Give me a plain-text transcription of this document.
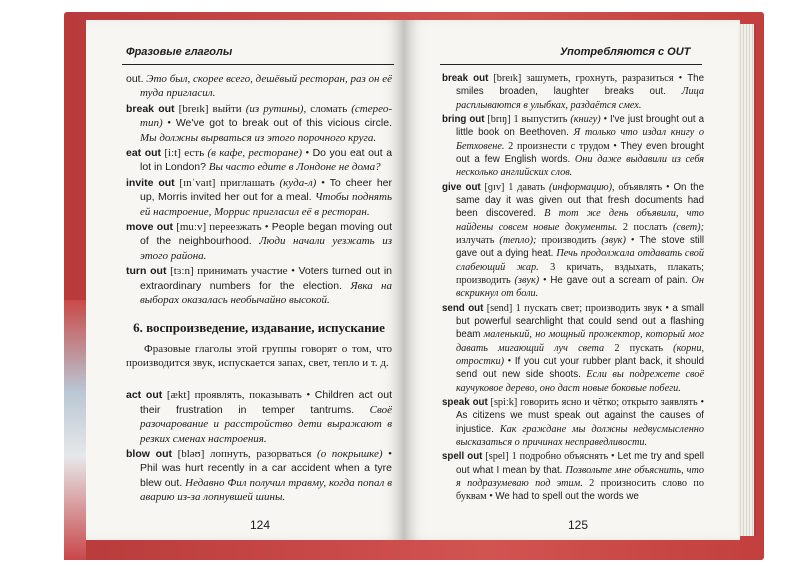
Фразовые глаголы	Употребляются с OUT

out. Это был, скорее всего, дешёвый ресторан, раз он её туда пригласил.

break out [breɪk] выйти (из рутины), сломать (стерео-тип) • We've got to break out of this vicious circle. Мы должны вырваться из этого порочного круга.

eat out [iːt] есть (в кафе, ресторане) • Do you eat out a lot in London? Вы часто едите в Лондоне не дома?

invite out [ɪnˈvaɪt] приглашать (куда-л) • To cheer her up, Morris invited her out for a meal. Чтобы поднять ей настроение, Моррис пригласил её в ресторан.

move out [muːv] переезжать • People began moving out of the neighbourhood. Люди начали уезжать из этого района.

turn out [tɜːn] принимать участие • Voters turned out in extraordinary numbers for the election. Явка на выборах оказалась необычайно высокой.

6. воспроизведение, издавание, испускание

Фразовые глаголы этой группы говорят о том, что производится звук, испускается запах, свет, тепло и т. д.

act out [ækt] проявлять, показывать • Children act out their frustration in temper tantrums. Своё разочарование и расстройство дети выражают в резких сменах настроения.

blow out [bləʊ] лопнуть, разорваться (о покрышке) • Phil was hurt recently in a car accident when a tyre blew out. Недавно Фил получил травму, когда попал в аварию из-за лопнувшей шины.

break out [breɪk] зашуметь, грохнуть, разразиться • The smiles broaden, laughter breaks out. Лица расплываются в улыбках, раздаётся смех.

bring out [brɪŋ] 1 выпустить (книгу) • I've just brought out a little book on Beethoven. Я только что издал книгу о Бетховене. 2 произнести с трудом • They even brought out a few English words. Они даже выдавили из себя несколько английских слов.

give out [ɡɪv] 1 давать (информацию), объявлять • On the same day it was given out that fresh documents had been discovered. В тот же день объявили, что найдены совсем новые документы. 2 послать (свет); излучать (тепло); производить (звук) • The stove still gave out a dying heat. Печь продолжала отдавать свой слабеющий жар. 3 кричать, вздыхать, плакать; производить (звук) • He gave out a scream of pain. Он вскрикнул от боли.

send out [send] 1 пускать свет; производить звук • a small but powerful searchlight that could send out a flashing beam маленький, но мощный прожектор, который мог давать мигающий луч света 2 пускать (корни, отростки) • If you cut your rubber plant back, it should send out new side shoots. Если вы подрежете своё каучуковое дерево, оно даст новые боковые побеги.

speak out [spiːk] говорить ясно и чётко; открыто заявлять • As citizens we must speak out against the causes of injustice. Как граждане мы должны недвусмысленно высказаться о причинах несправедливости.

spell out [spel] 1 подробно объяснять • Let me try and spell out what I mean by that. Позвольте мне объяснить, что я подразумеваю под этим. 2 произносить слово по буквам • We had to spell out the words we

124	125
